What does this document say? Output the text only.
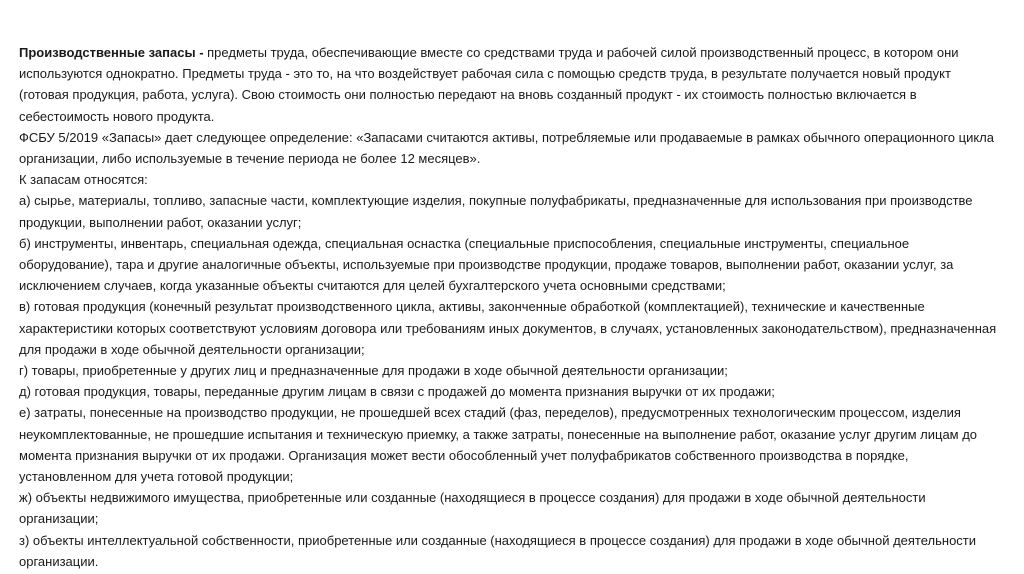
Производственные запасы - предметы труда, обеспечивающие вместе со средствами труда и рабочей силой производственный процесс, в котором они используются однократно. Предметы труда - это то, на что воздействует рабочая сила с помощью средств труда, в результате получается новый продукт (готовая продукция, работа, услуга). Свою стоимость они полностью передают на вновь созданный продукт - их стоимость полностью включается в себестоимость нового продукта.

ФСБУ 5/2019 «Запасы» дает следующее определение: «Запасами считаются активы, потребляемые или продаваемые в рамках обычного операционного цикла организации, либо используемые в течение периода не более 12 месяцев».

К запасам относятся:

а) сырье, материалы, топливо, запасные части, комплектующие изделия, покупные полуфабрикаты, предназначенные для использования при производстве продукции, выполнении работ, оказании услуг;

б) инструменты, инвентарь, специальная одежда, специальная оснастка (специальные приспособления, специальные инструменты, специальное оборудование), тара и другие аналогичные объекты, используемые при производстве продукции, продаже товаров, выполнении работ, оказании услуг, за исключением случаев, когда указанные объекты считаются для целей бухгалтерского учета основными средствами;

в) готовая продукция (конечный результат производственного цикла, активы, законченные обработкой (комплектацией), технические и качественные характеристики которых соответствуют условиям договора или требованиям иных документов, в случаях, установленных законодательством), предназначенная для продажи в ходе обычной деятельности организации;

г) товары, приобретенные у других лиц и предназначенные для продажи в ходе обычной деятельности организации;

д) готовая продукция, товары, переданные другим лицам в связи с продажей до момента признания выручки от их продажи;

е) затраты, понесенные на производство продукции, не прошедшей всех стадий (фаз, переделов), предусмотренных технологическим процессом, изделия неукомплектованные, не прошедшие испытания и техническую приемку, а также затраты, понесенные на выполнение работ, оказание услуг другим лицам до момента признания выручки от их продажи. Организация может вести обособленный учет полуфабрикатов собственного производства в порядке, установленном для учета готовой продукции;

ж) объекты недвижимого имущества, приобретенные или созданные (находящиеся в процессе создания) для продажи в ходе обычной деятельности организации;

з) объекты интеллектуальной собственности, приобретенные или созданные (находящиеся в процессе создания) для продажи в ходе обычной деятельности организации.
